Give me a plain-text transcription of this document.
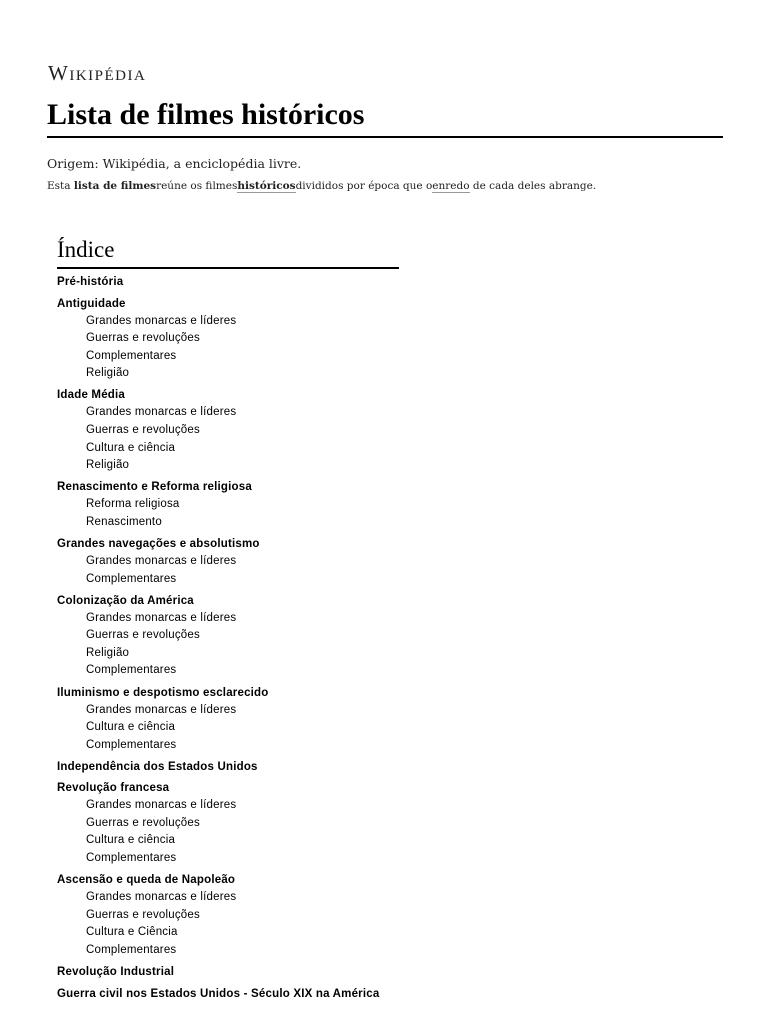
Wikipédia
Lista de filmes históricos
Origem: Wikipédia, a enciclopédia livre.
Esta lista de filmesreúne os filmeshistóricosdivididos por época que oenredo de cada deles abrange.
Índice
Pré-história
Antiguidade
Grandes monarcas e líderes
Guerras e revoluções
Complementares
Religião
Idade Média
Grandes monarcas e líderes
Guerras e revoluções
Cultura e ciência
Religião
Renascimento e Reforma religiosa
Reforma religiosa
Renascimento
Grandes navegações e absolutismo
Grandes monarcas e líderes
Complementares
Colonização da América
Grandes monarcas e líderes
Guerras e revoluções
Religião
Complementares
Iluminismo e despotismo esclarecido
Grandes monarcas e líderes
Cultura e ciência
Complementares
Independência dos Estados Unidos
Revolução francesa
Grandes monarcas e líderes
Guerras e revoluções
Cultura e ciência
Complementares
Ascensão e queda de Napoleão
Grandes monarcas e líderes
Guerras e revoluções
Cultura e Ciência
Complementares
Revolução Industrial
Guerra civil nos Estados Unidos - Século XIX na América
